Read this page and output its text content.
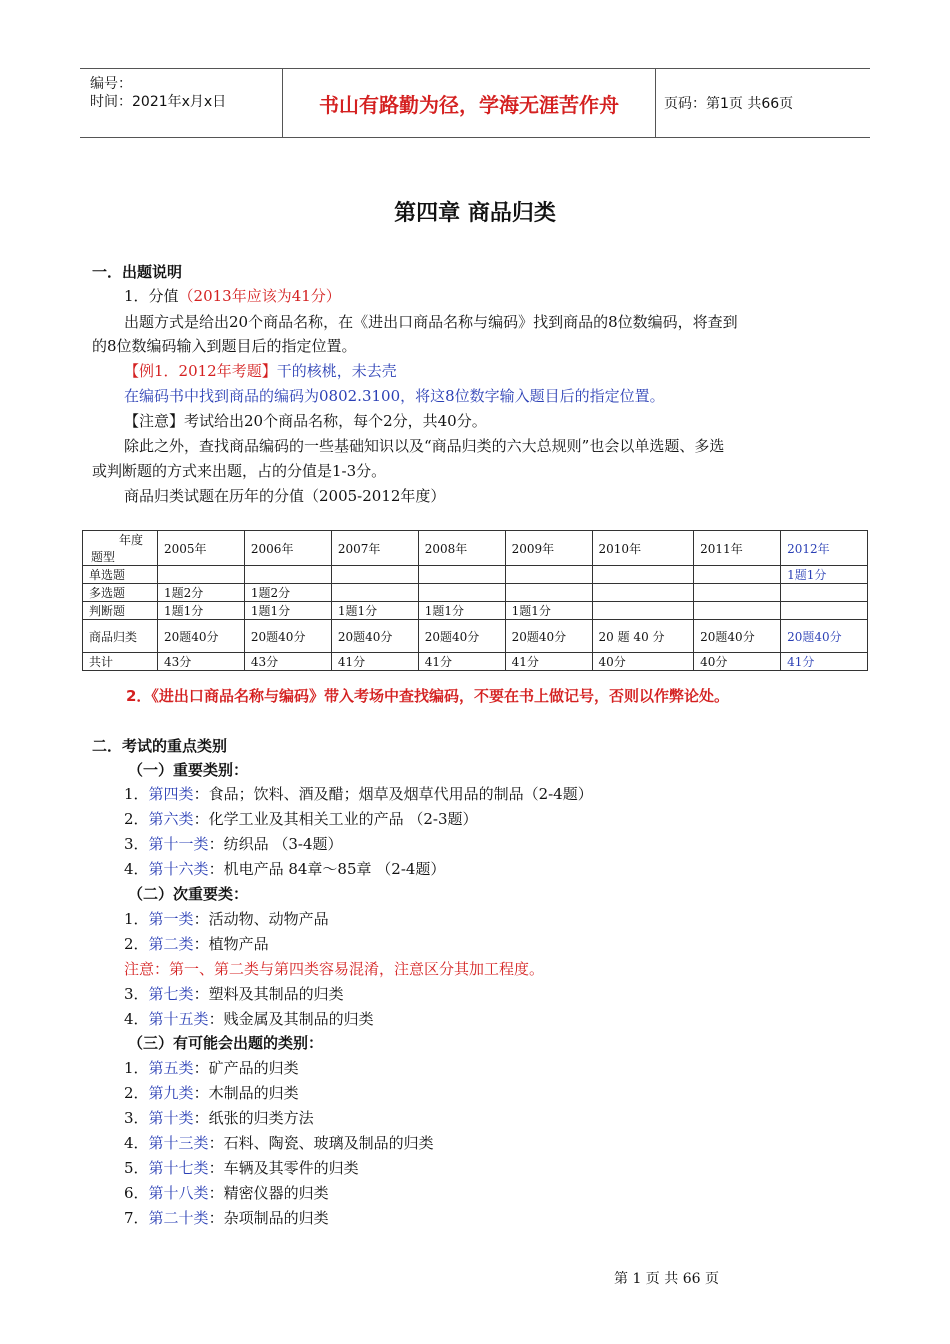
编号：
时间：2021年x月x日	书山有路勤为径，学海无涯苦作舟	页码：第1页 共66页
第四章 商品归类
一．出题说明
1．分值（2013年应该为41分）
出题方式是给出20个商品名称，在《进出口商品名称与编码》找到商品的8位数编码，将查到
的8位数编码输入到题目后的指定位置。
【例1．2012年考题】干的核桃，未去壳
在编码书中找到商品的编码为0802.3100，将这8位数字输入题目后的指定位置。
【注意】考试给出20个商品名称，每个2分，共40分。
除此之外，查找商品编码的一些基础知识以及“商品归类的六大总规则”也会以单选题、多选
或判断题的方式来出题，占的分值是1-3分。
商品归类试题在历年的分值（2005-2012年度）
年度
题型	2005年	2006年	2007年	2008年	2009年	2010年	2011年	2012年
单选题								1题1分
多选题	1题2分	1题2分						
判断题	1题1分	1题1分	1题1分	1题1分	1题1分			
商品归类	20题40分	20题40分	20题40分	20题40分	20题40分	20 题 40 分	20题40分	20题40分
共计	43分	43分	41分	41分	41分	40分	40分	41分
2．《进出口商品名称与编码》带入考场中查找编码，不要在书上做记号，否则以作弊论处。
二．考试的重点类别
（一）重要类别：
1．第四类：食品；饮料、酒及醋；烟草及烟草代用品的制品（2-4题）
2．第六类：化学工业及其相关工业的产品 （2-3题）
3．第十一类：纺织品 （3-4题）
4．第十六类：机电产品 84章～85章 （2-4题）
（二）次重要类：
1．第一类：活动物、动物产品
2．第二类：植物产品
注意：第一、第二类与第四类容易混淆，注意区分其加工程度。
3．第七类：塑料及其制品的归类
4．第十五类：贱金属及其制品的归类
（三）有可能会出题的类别：
1．第五类：矿产品的归类
2．第九类：木制品的归类
3．第十类：纸张的归类方法
4．第十三类：石料、陶瓷、玻璃及制品的归类
5．第十七类：车辆及其零件的归类
6．第十八类：精密仪器的归类
7．第二十类：杂项制品的归类
第 1 页 共 66 页
